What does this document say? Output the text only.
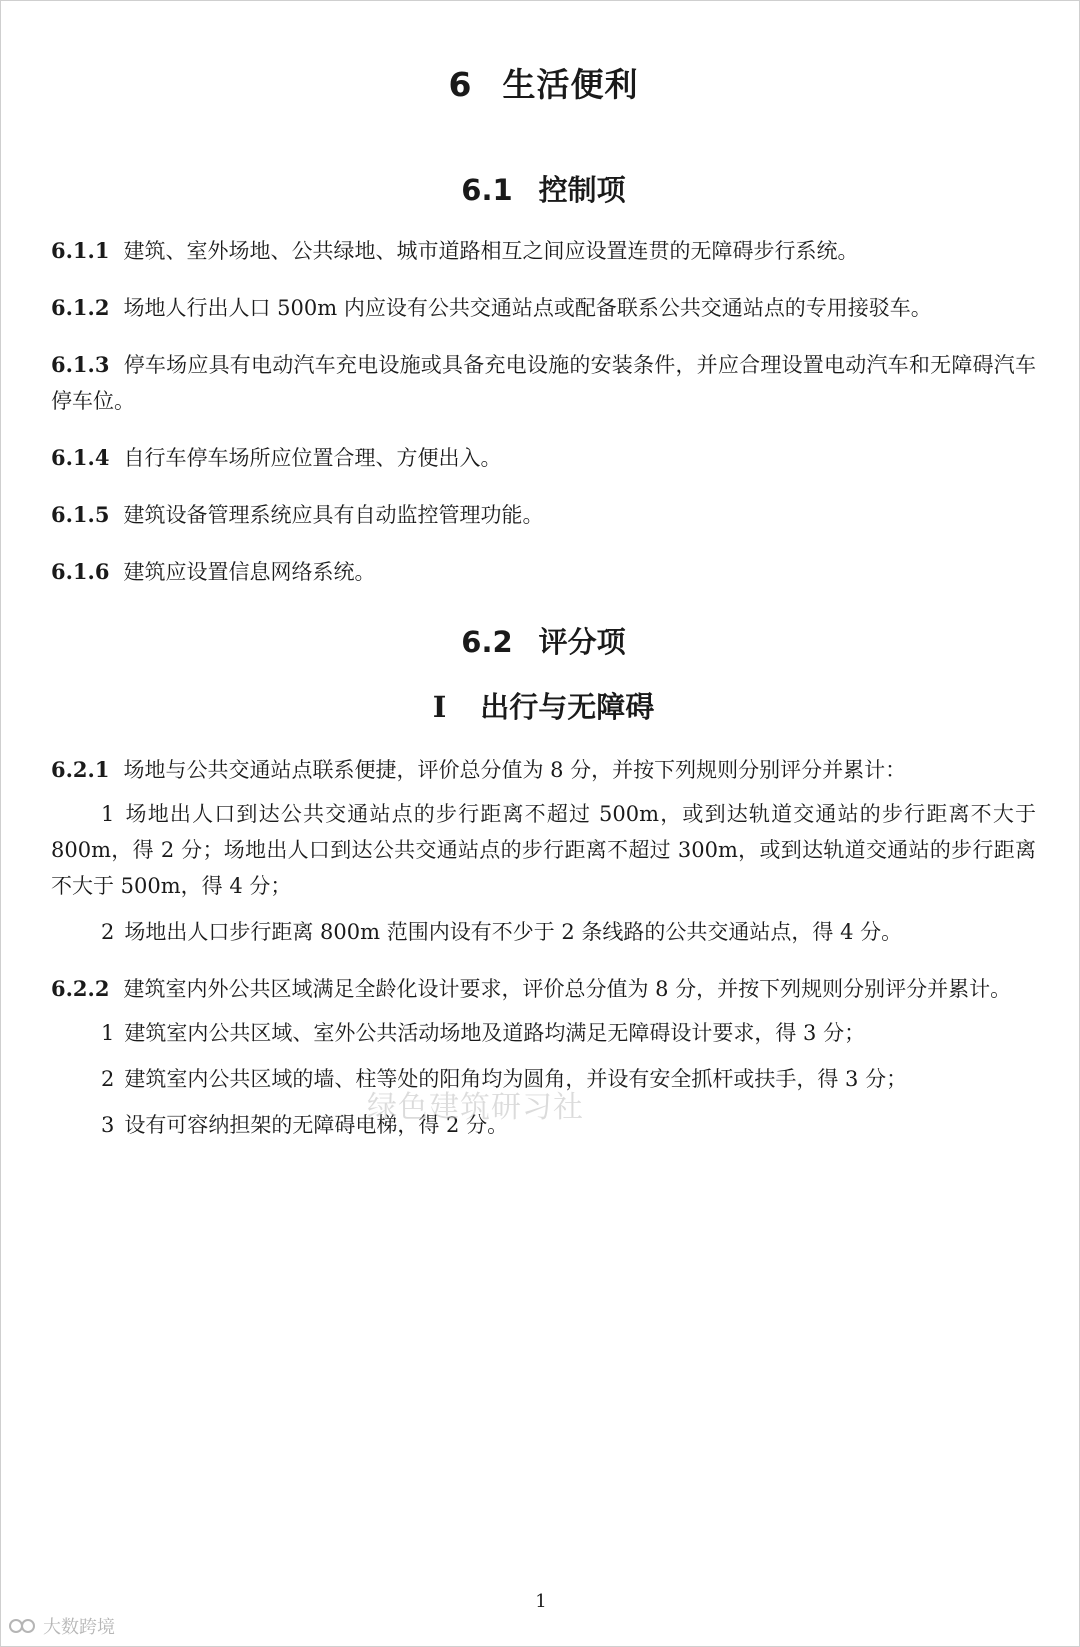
6 生活便利
6.1 控制项

6.1.1 建筑、室外场地、公共绿地、城市道路相互之间应设置连贯的无障碍步行系统。

6.1.2 场地人行出人口 500m 内应设有公共交通站点或配备联系公共交通站点的专用接驳车。

6.1.3 停车场应具有电动汽车充电设施或具备充电设施的安装条件，并应合理设置电动汽车和无障碍汽车停车位。

6.1.4 自行车停车场所应位置合理、方便出入。

6.1.5 建筑设备管理系统应具有自动监控管理功能。

6.1.6 建筑应设置信息网络系统。

6.2 评分项
I 出行与无障碍

6.2.1 场地与公共交通站点联系便捷，评价总分值为 8 分，并按下列规则分别评分并累计：

1 场地出人口到达公共交通站点的步行距离不超过 500m，或到达轨道交通站的步行距离不大于 800m，得 2 分；场地出人口到达公共交通站点的步行距离不超过 300m，或到达轨道交通站的步行距离不大于 500m，得 4 分；

2 场地出人口步行距离 800m 范围内设有不少于 2 条线路的公共交通站点，得 4 分。

6.2.2 建筑室内外公共区域满足全龄化设计要求，评价总分值为 8 分，并按下列规则分别评分并累计。

1 建筑室内公共区域、室外公共活动场地及道路均满足无障碍设计要求，得 3 分；

2 建筑室内公共区域的墙、柱等处的阳角均为圆角，并设有安全抓杆或扶手，得 3 分；

3 设有可容纳担架的无障碍电梯，得 2 分。

绿色建筑研习社
1
大数跨境
